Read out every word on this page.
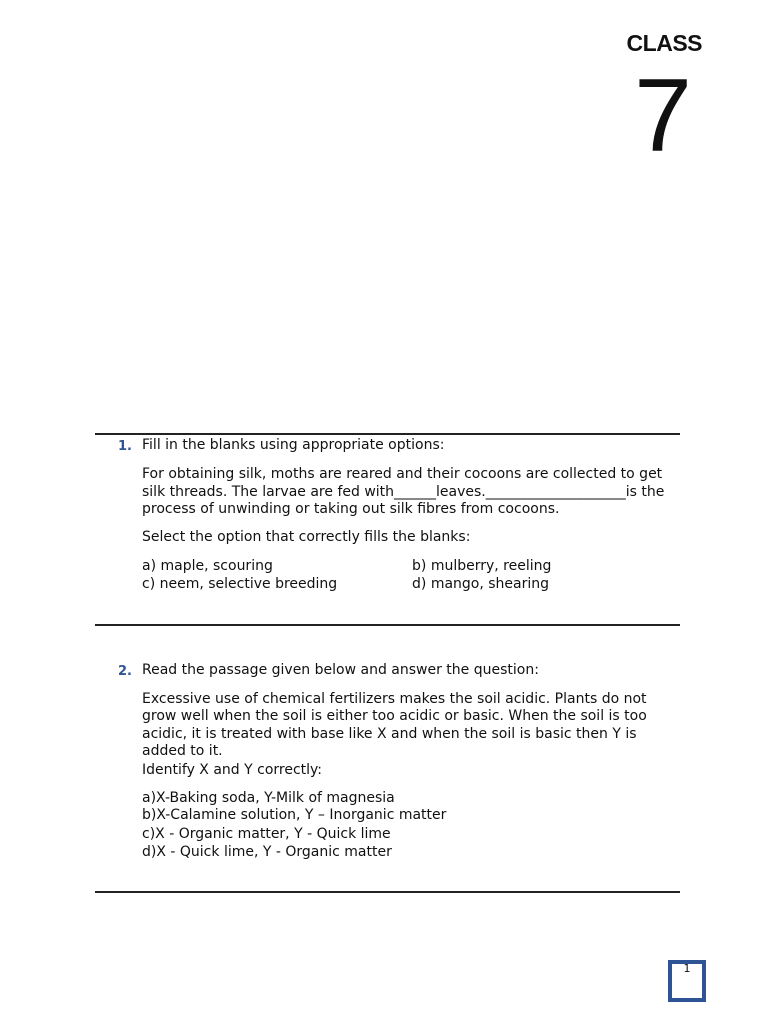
CLASS
7
1. Fill in the blanks using appropriate options:
For obtaining silk, moths are reared and their cocoons are collected to get
silk threads. The larvae are fed with______leaves.____________________is the
process of unwinding or taking out silk fibres from cocoons.
Select the option that correctly fills the blanks:
a) maple, scouring	b) mulberry, reeling
c) neem, selective breeding	d) mango, shearing
2. Read the passage given below and answer the question:
Excessive use of chemical fertilizers makes the soil acidic. Plants do not
grow well when the soil is either too acidic or basic. When the soil is too
acidic, it is treated with base like X and when the soil is basic then Y is
added to it.
Identify X and Y correctly:
a)X-Baking soda, Y-Milk of magnesia
b)X-Calamine solution, Y – Inorganic matter
c)X - Organic matter, Y - Quick lime
d)X - Quick lime, Y - Organic matter
1
